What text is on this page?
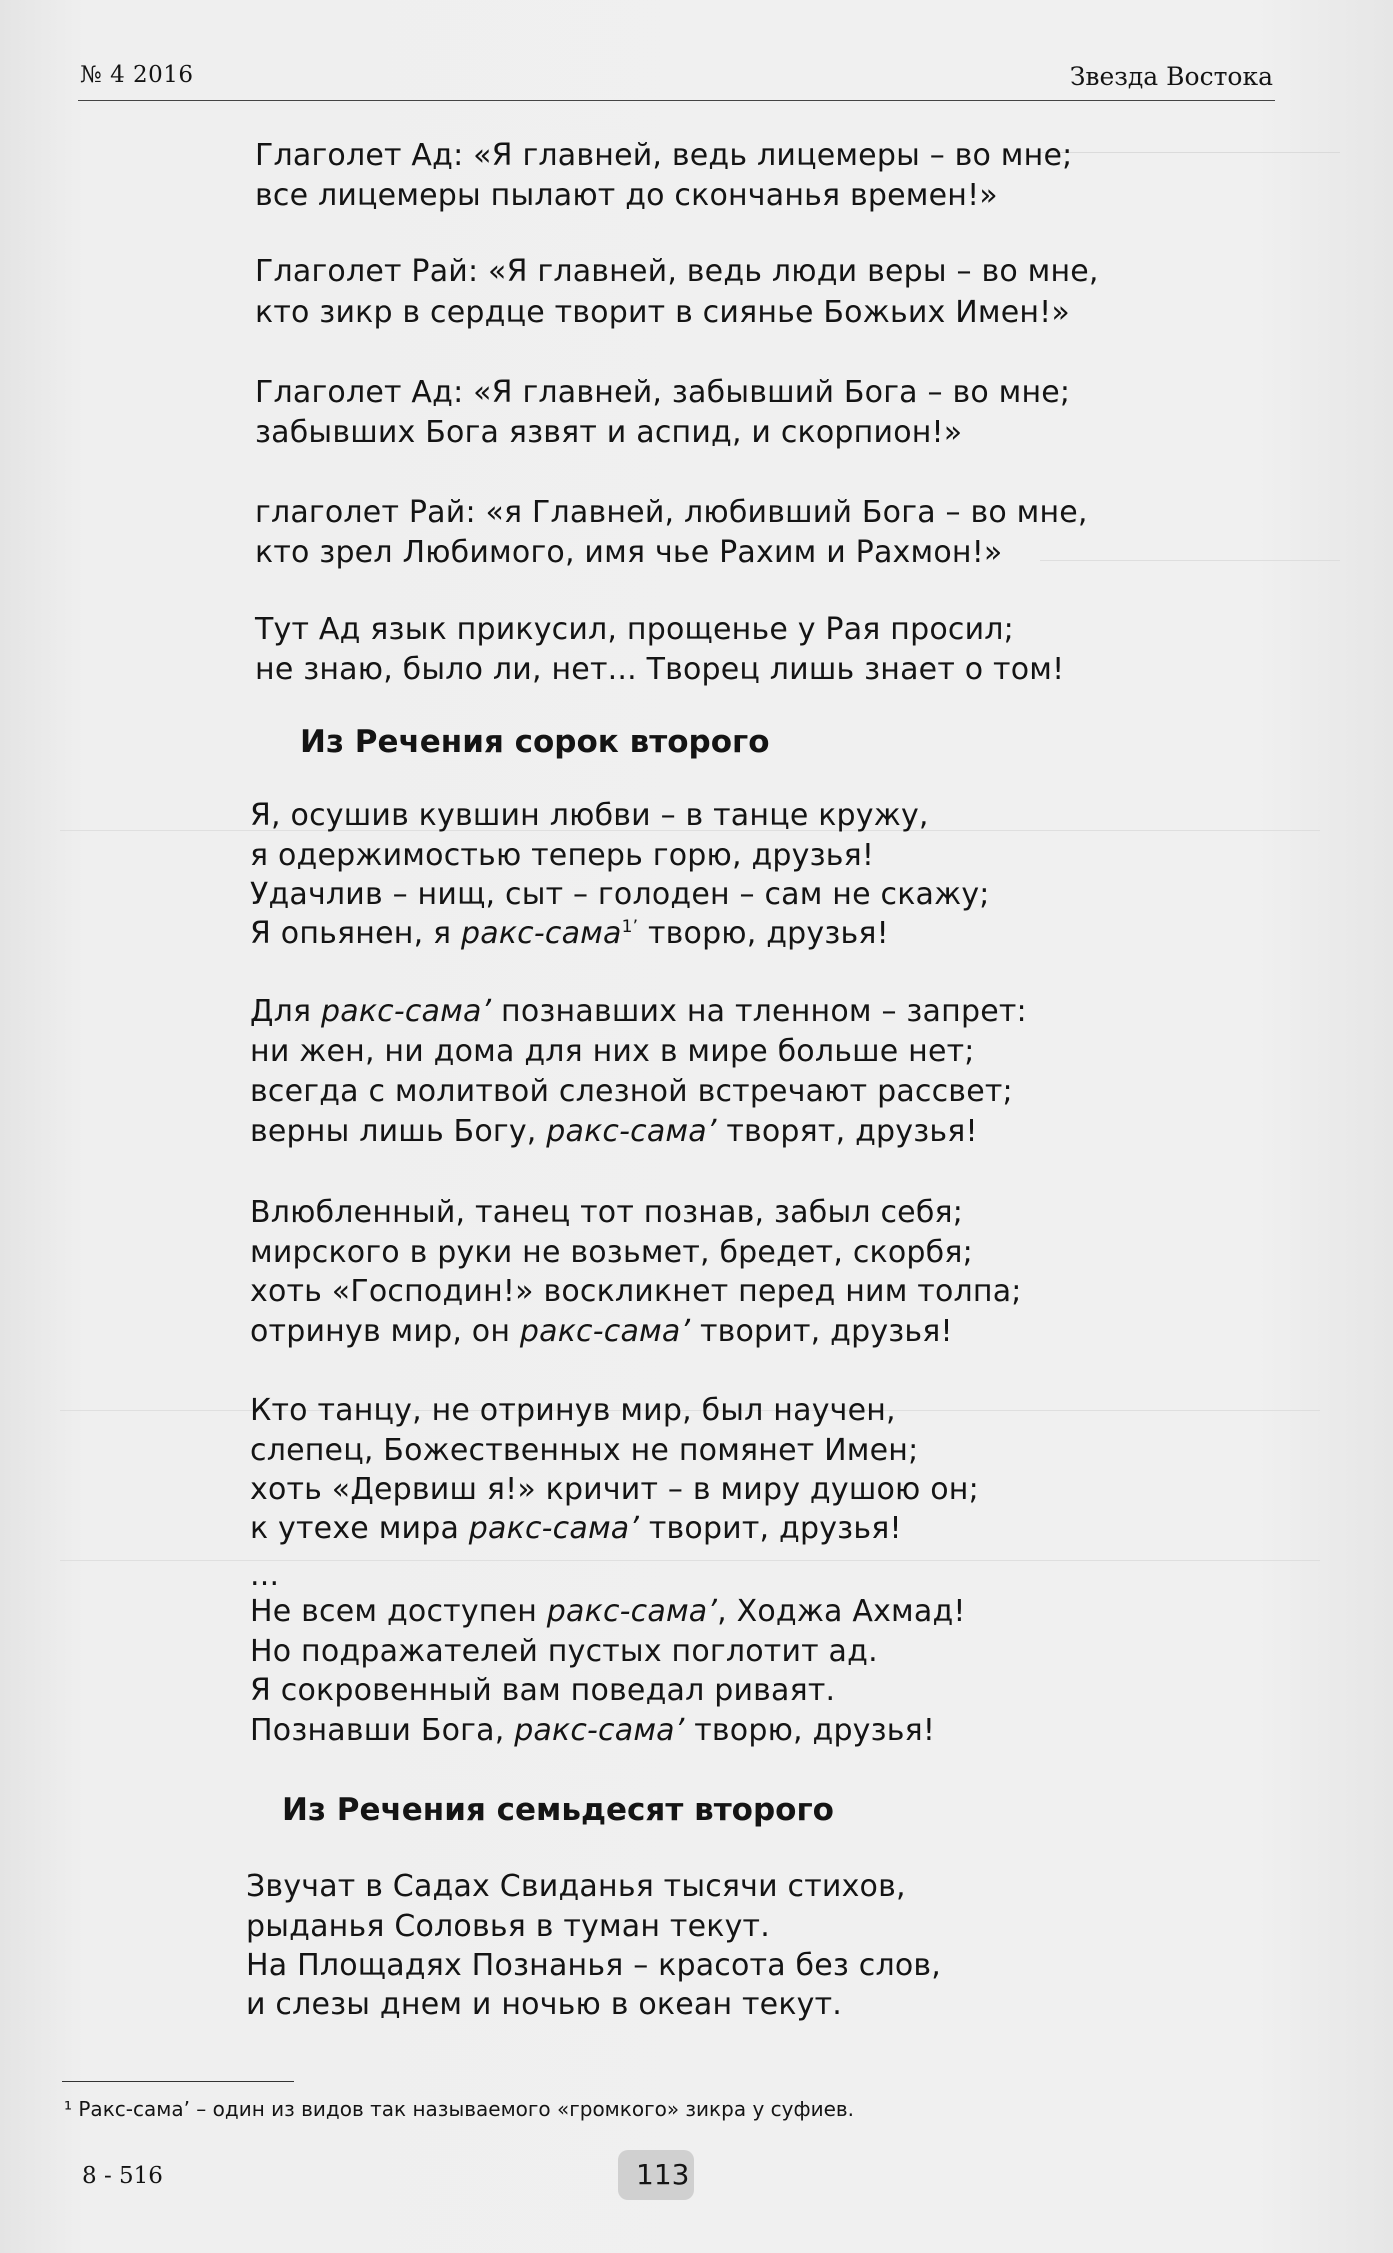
№ 4 2016	Звезда Востока
Глаголет Ад: «Я главней, ведь лицемеры – во мне;
все лицемеры пылают до скончанья времен!»
Глаголет Рай: «Я главней, ведь люди веры – во мне,
кто зикр в сердце творит в сиянье Божьих Имен!»
Глаголет Ад: «Я главней, забывший Бога – во мне;
забывших Бога язвят и аспид, и скорпион!»
глаголет Рай: «я Главней, любивший Бога – во мне,
кто зрел Любимого, имя чье Рахим и Рахмон!»
Тут Ад язык прикусил, прощенье у Рая просил;
не знаю, было ли, нет... Творец лишь знает о том!
Из Речения сорок второго
Я, осушив кувшин любви – в танце кружу,
я одержимостью теперь горю, друзья!
Удачлив – нищ, сыт – голоден – сам не скажу;
Я опьянен, я ракс-сама$^{1’}$ творю, друзья!
Для ракс-сама’ познавших на тленном – запрет:
ни жен, ни дома для них в мире больше нет;
всегда с молитвой слезной встречают рассвет;
верны лишь Богу, ракс-сама’ творят, друзья!
Влюбленный, танец тот познав, забыл себя;
мирского в руки не возьмет, бредет, скорбя;
хоть «Господин!» воскликнет перед ним толпа;
отринув мир, он ракс-сама’ творит, друзья!
Кто танцу, не отринув мир, был научен,
слепец, Божественных не помянет Имен;
хоть «Дервиш я!» кричит – в миру душою он;
к утехе мира ракс-сама’ творит, друзья!
...
Не всем доступен ракс-сама’, Ходжа Ахмад!
Но подражателей пустых поглотит ад.
Я сокровенный вам поведал риваят.
Познавши Бога, ракс-сама’ творю, друзья!
Из Речения семьдесят второго
Звучат в Садах Свиданья тысячи стихов,
рыданья Соловья в туман текут.
На Площадях Познанья – красота без слов,
и слезы днем и ночью в океан текут.
¹ Ракс-сама’ – один из видов так называемого «громкого» зикра у суфиев.
8 - 516	113
